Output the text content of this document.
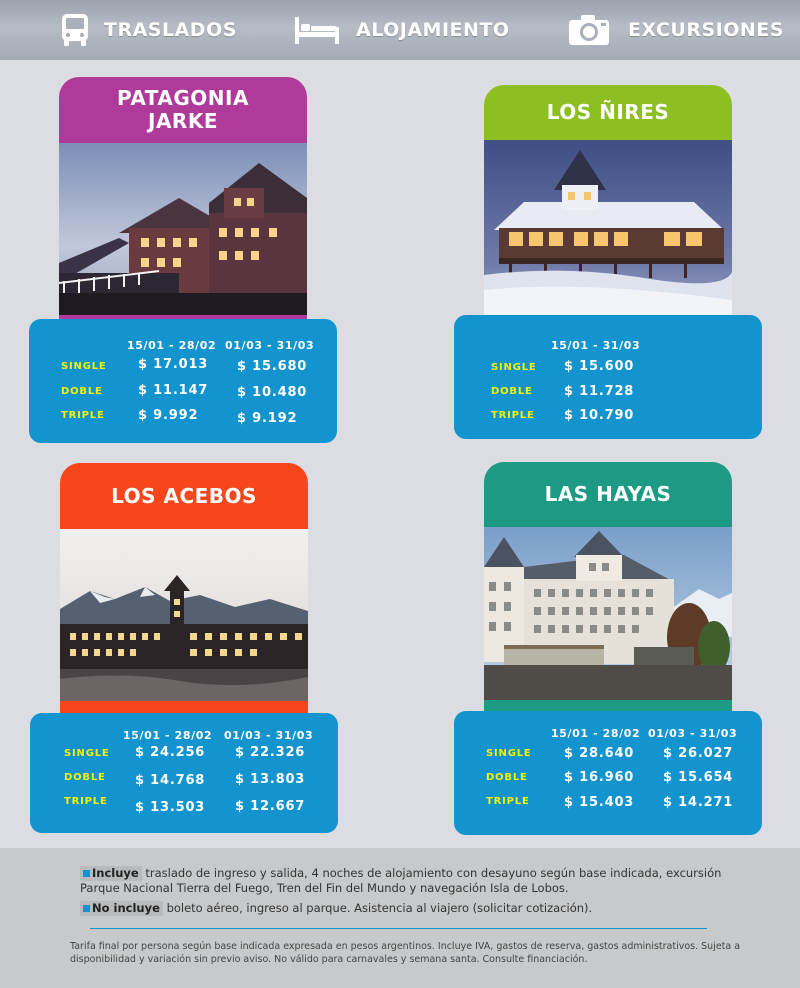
TRASLADOS	ALOJAMIENTO	EXCURSIONES
PATAGONIA
JARKE
15/01 - 28/02 01/03 - 31/03
SINGLE $ 17.013 $ 15.680
DOBLE	$ 11.147 $ 10.480
TRIPLE	$ 9.992	$ 9.192
LOS ÑIRES
15/01 - 31/03
SINGLE $ 15.600
DOBLE $ 11.728
TRIPLE $ 10.790
LOS ACEBOS
15/01 - 28/02 01/03 - 31/03
SINGLE $ 24.256 $ 22.326
DOBLE $ 14.768 $ 13.803
TRIPLE $ 13.503 $ 12.667
LAS HAYAS
15/01 - 28/02 01/03 - 31/03
SINGLE $ 28.640 $ 26.027
DOBLE	$ 16.960 $ 15.654
TRIPLE	$ 15.403 $ 14.271
Incluye traslado de ingreso y salida, 4 noches de alojamiento con desayuno según base indicada, excursión Parque Nacional Tierra del Fuego, Tren del Fin del Mundo y navegación Isla de Lobos.
No incluye boleto aéreo, ingreso al parque. Asistencia al viajero (solicitar cotización).
Tarifa final por persona según base indicada expresada en pesos argentinos. Incluye IVA, gastos de reserva, gastos administrativos. Sujeta a disponibilidad y variación sin previo aviso. No válido para carnavales y semana santa. Consulte financiación.
